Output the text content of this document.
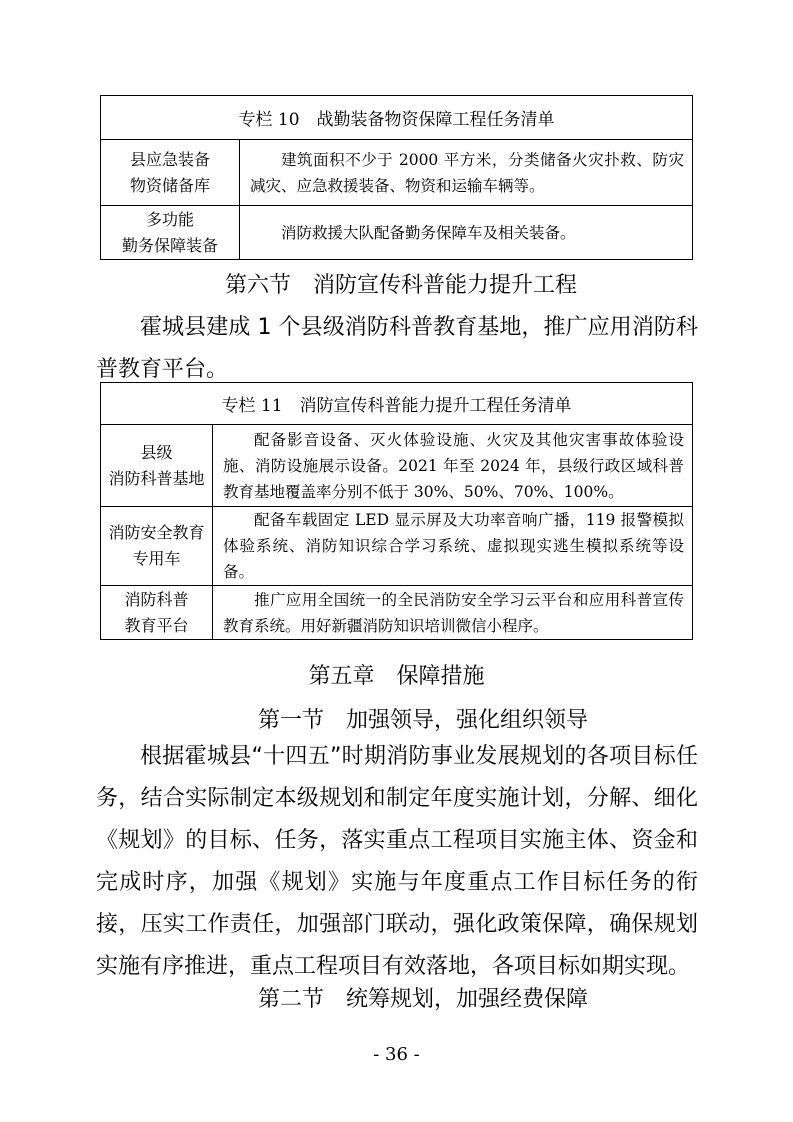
专栏 10　战勤装备物资保障工程任务清单	
县应急装备
物资储备库	建筑面积不少于 2000 平方米，分类储备火灾扑救、防灾减灾、应急救援装备、物资和运输车辆等。
多功能
勤务保障装备	消防救援大队配备勤务保障车及相关装备。
第六节　消防宣传科普能力提升工程
霍城县建成 1 个县级消防科普教育基地，推广应用消防科普教育平台。
专栏 11　消防宣传科普能力提升工程任务清单	
县级
消防科普基地	配备影音设备、灭火体验设施、火灾及其他灾害事故体验设施、消防设施展示设备。2021 年至 2024 年，县级行政区域科普教育基地覆盖率分别不低于 30%、50%、70%、100%。
消防安全教育
专用车	配备车载固定 LED 显示屏及大功率音响广播，119 报警模拟体验系统、消防知识综合学习系统、虚拟现实逃生模拟系统等设备。
消防科普
教育平台	推广应用全国统一的全民消防安全学习云平台和应用科普宣传教育系统。用好新疆消防知识培训微信小程序。
第五章　保障措施
第一节　加强领导，强化组织领导
根据霍城县“十四五”时期消防事业发展规划的各项目标任务，结合实际制定本级规划和制定年度实施计划，分解、细化《规划》的目标、任务，落实重点工程项目实施主体、资金和完成时序，加强《规划》实施与年度重点工作目标任务的衔接，压实工作责任，加强部门联动，强化政策保障，确保规划实施有序推进，重点工程项目有效落地，各项目标如期实现。
第二节　统筹规划，加强经费保障
- 36 -
